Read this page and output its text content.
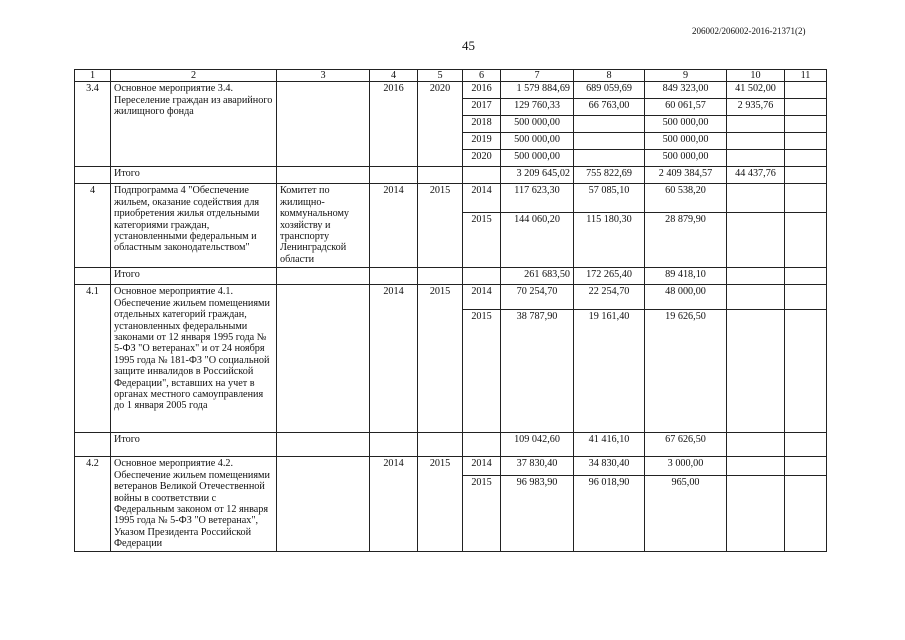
206002/206002-2016-21371(2)
45
1	2	3	4	5	6	7	8	9	10	11
3.4	Основное мероприятие 3.4. Переселение граждан из аварийного жилищного фонда		2016	2020	2016	1 579 884,69	689 059,69	849 323,00	41 502,00	
					2017	129 760,33	66 763,00	60 061,57	2 935,76	
					2018	500 000,00		500 000,00		
					2019	500 000,00		500 000,00		
					2020	500 000,00		500 000,00		
	Итого					3 209 645,02	755 822,69	2 409 384,57	44 437,76	
4	Подпрограмма 4 "Обеспечение жильем, оказание содействия для приобретения жилья отдельными категориями граждан, установленными федеральным и областным законодательством"	Комитет по жилищно-коммунальному хозяйству и транспорту Ленинградской области	2014	2015	2014	117 623,30	57 085,10	60 538,20		
					2015	144 060,20	115 180,30	28 879,90		
	Итого					261 683,50	172 265,40	89 418,10		
4.1	Основное мероприятие 4.1. Обеспечение жильем помещениями отдельных категорий граждан, установленных федеральными законами от 12 января 1995 года № 5-ФЗ "О ветеранах" и от 24 ноября 1995 года № 181-ФЗ "О социальной защите инвалидов в Российской Федерации", вставших на учет в органах местного самоуправления до 1 января 2005 года		2014	2015	2014	70 254,70	22 254,70	48 000,00		
					2015	38 787,90	19 161,40	19 626,50		
	Итого					109 042,60	41 416,10	67 626,50		
4.2	Основное мероприятие 4.2. Обеспечение жильем помещениями ветеранов Великой Отечественной войны в соответствии с Федеральным законом от 12 января 1995 года № 5-ФЗ "О ветеранах", Указом Президента Российской Федерации		2014	2015	2014	37 830,40	34 830,40	3 000,00		
					2015	96 983,90	96 018,90	965,00		
